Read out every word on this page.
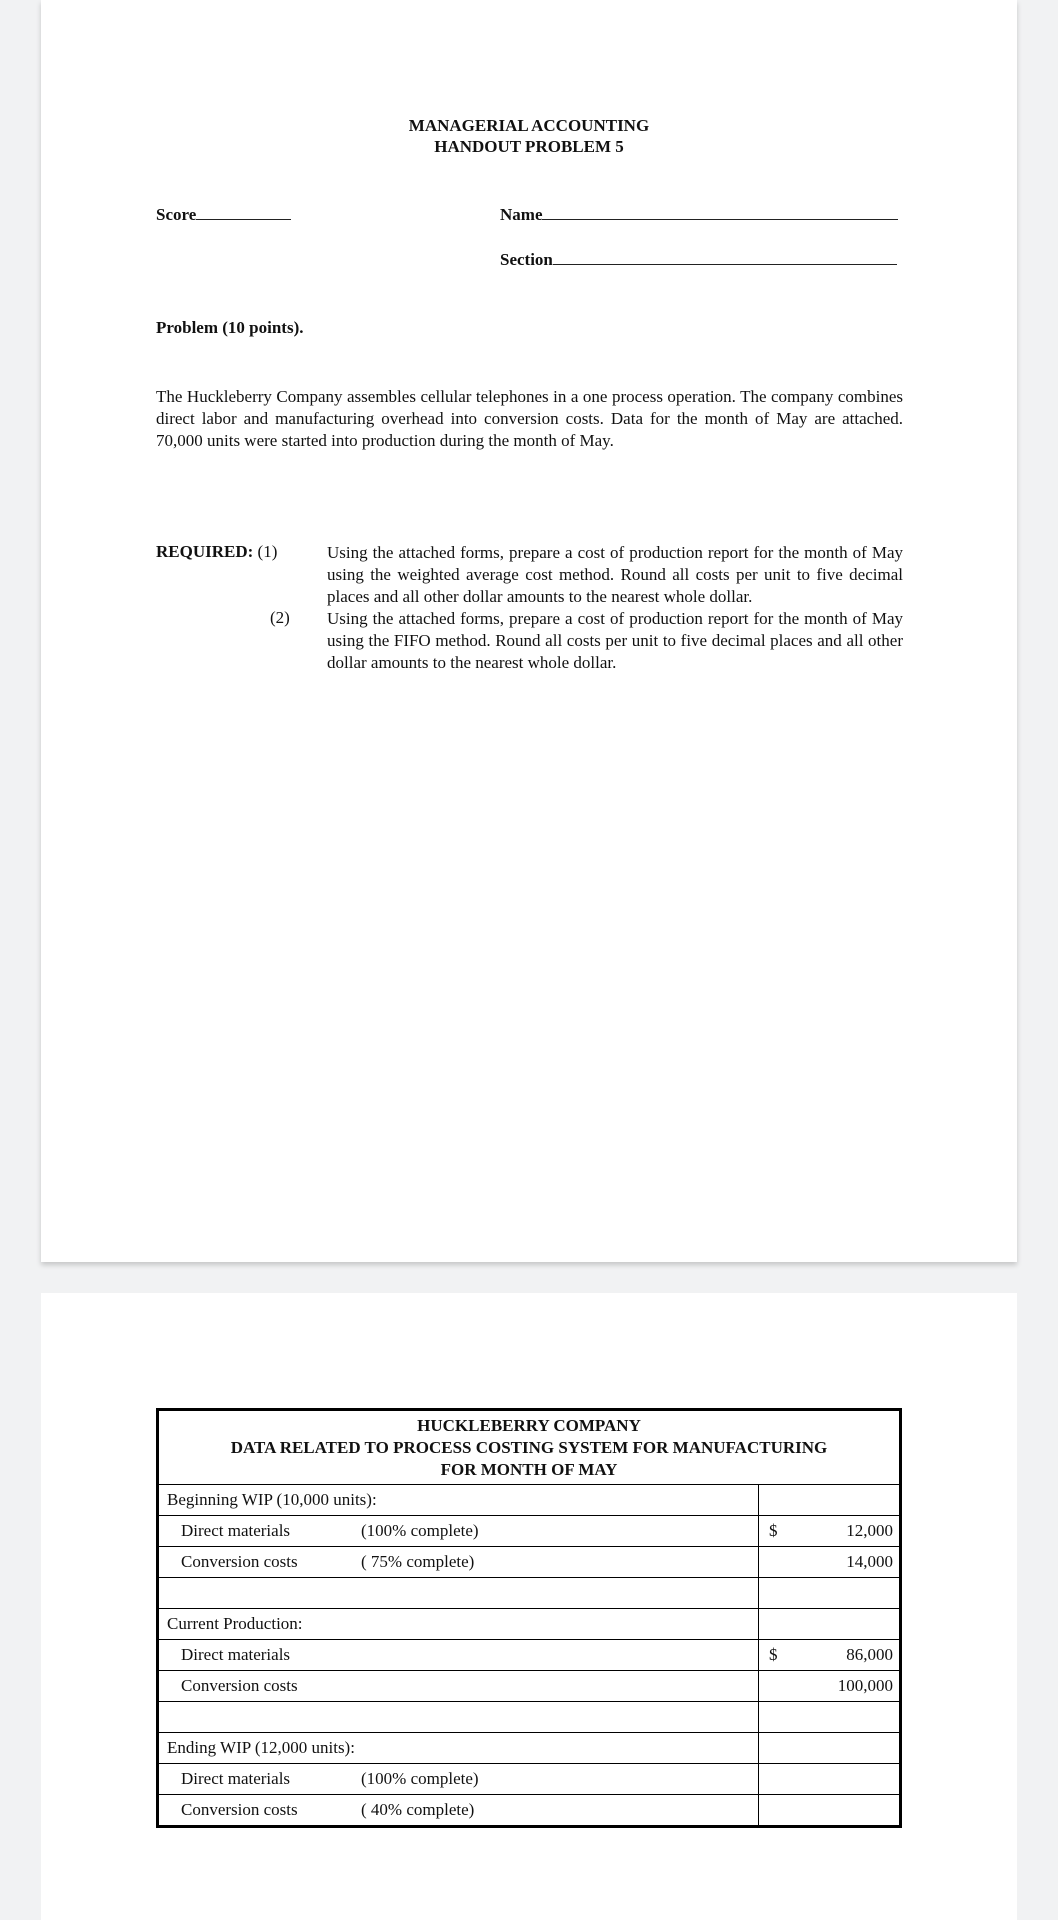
MANAGERIAL ACCOUNTING
HANDOUT PROBLEM 5
Score	Name
Section
Problem (10 points).
The Huckleberry Company assembles cellular telephones in a one process operation. The company combines direct labor and manufacturing overhead into conversion costs. Data for the month of May are attached. 70,000 units were started into production during the month of May.
REQUIRED: (1)	Using the attached forms, prepare a cost of production report for the month of May using the weighted average cost method. Round all costs per unit to five decimal places and all other dollar amounts to the nearest whole dollar.
(2) Using the attached forms, prepare a cost of production report for the month of May using the FIFO method. Round all costs per unit to five decimal places and all other dollar amounts to the nearest whole dollar.
HUCKLEBERRY COMPANY
DATA RELATED TO PROCESS COSTING SYSTEM FOR MANUFACTURING
FOR MONTH OF MAY	

Beginning WIP (10,000 units):	

Direct materials (100% complete)	$ 12,000

Conversion costs ( 75% complete)	14,000

Current Production:	
Direct materials	$ 86,000

Conversion costs	100,000

Ending WIP (12,000 units):	

Direct materials (100% complete)	

Conversion costs ( 40% complete)	
